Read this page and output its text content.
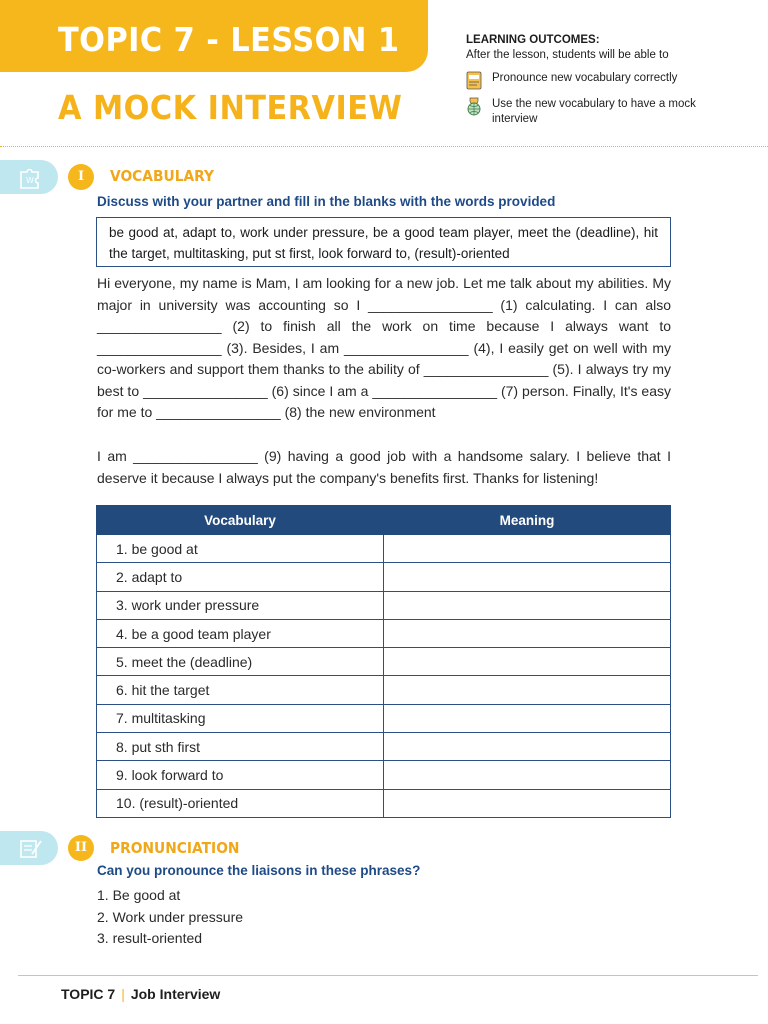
TOPIC 7 - LESSON 1
A MOCK INTERVIEW
LEARNING OUTCOMES:
After the lesson, students will be able to
Pronounce new vocabulary correctly
Use the new vocabulary to have a mock interview
W	I	VOCABULARY
Discuss with your partner and fill in the blanks with the words provided
be good at, adapt to, work under pressure, be a good team player, meet the (deadline), hit the target, multitasking, put st first, look forward to, (result)-oriented
Hi everyone, my name is Mam, I am looking for a new job. Let me talk about my abilities. My major in university was accounting so I ________________ (1) calculating. I can also ________________ (2) to finish all the work on time because I always want to ________________ (3). Besides, I am ________________ (4), I easily get on well with my co-workers and support them thanks to the ability of ________________ (5). I always try my best to ________________ (6) since I am a ________________ (7) person. Finally, It's easy for me to ________________ (8) the new environment
I am ________________ (9) having a good job with a handsome salary. I believe that I deserve it because I always put the company's benefits first. Thanks for listening!
Vocabulary	Meaning
1. be good at	
2. adapt to	
3. work under pressure	
4. be a good team player	
5. meet the (deadline)	
6. hit the target	
7. multitasking	
8. put sth first	
9. look forward to	
10. (result)-oriented	
II	PRONUNCIATION
Can you pronounce the liaisons in these phrases?
1. Be good at
2. Work under pressure
3. result-oriented
TOPIC 7 | Job Interview
